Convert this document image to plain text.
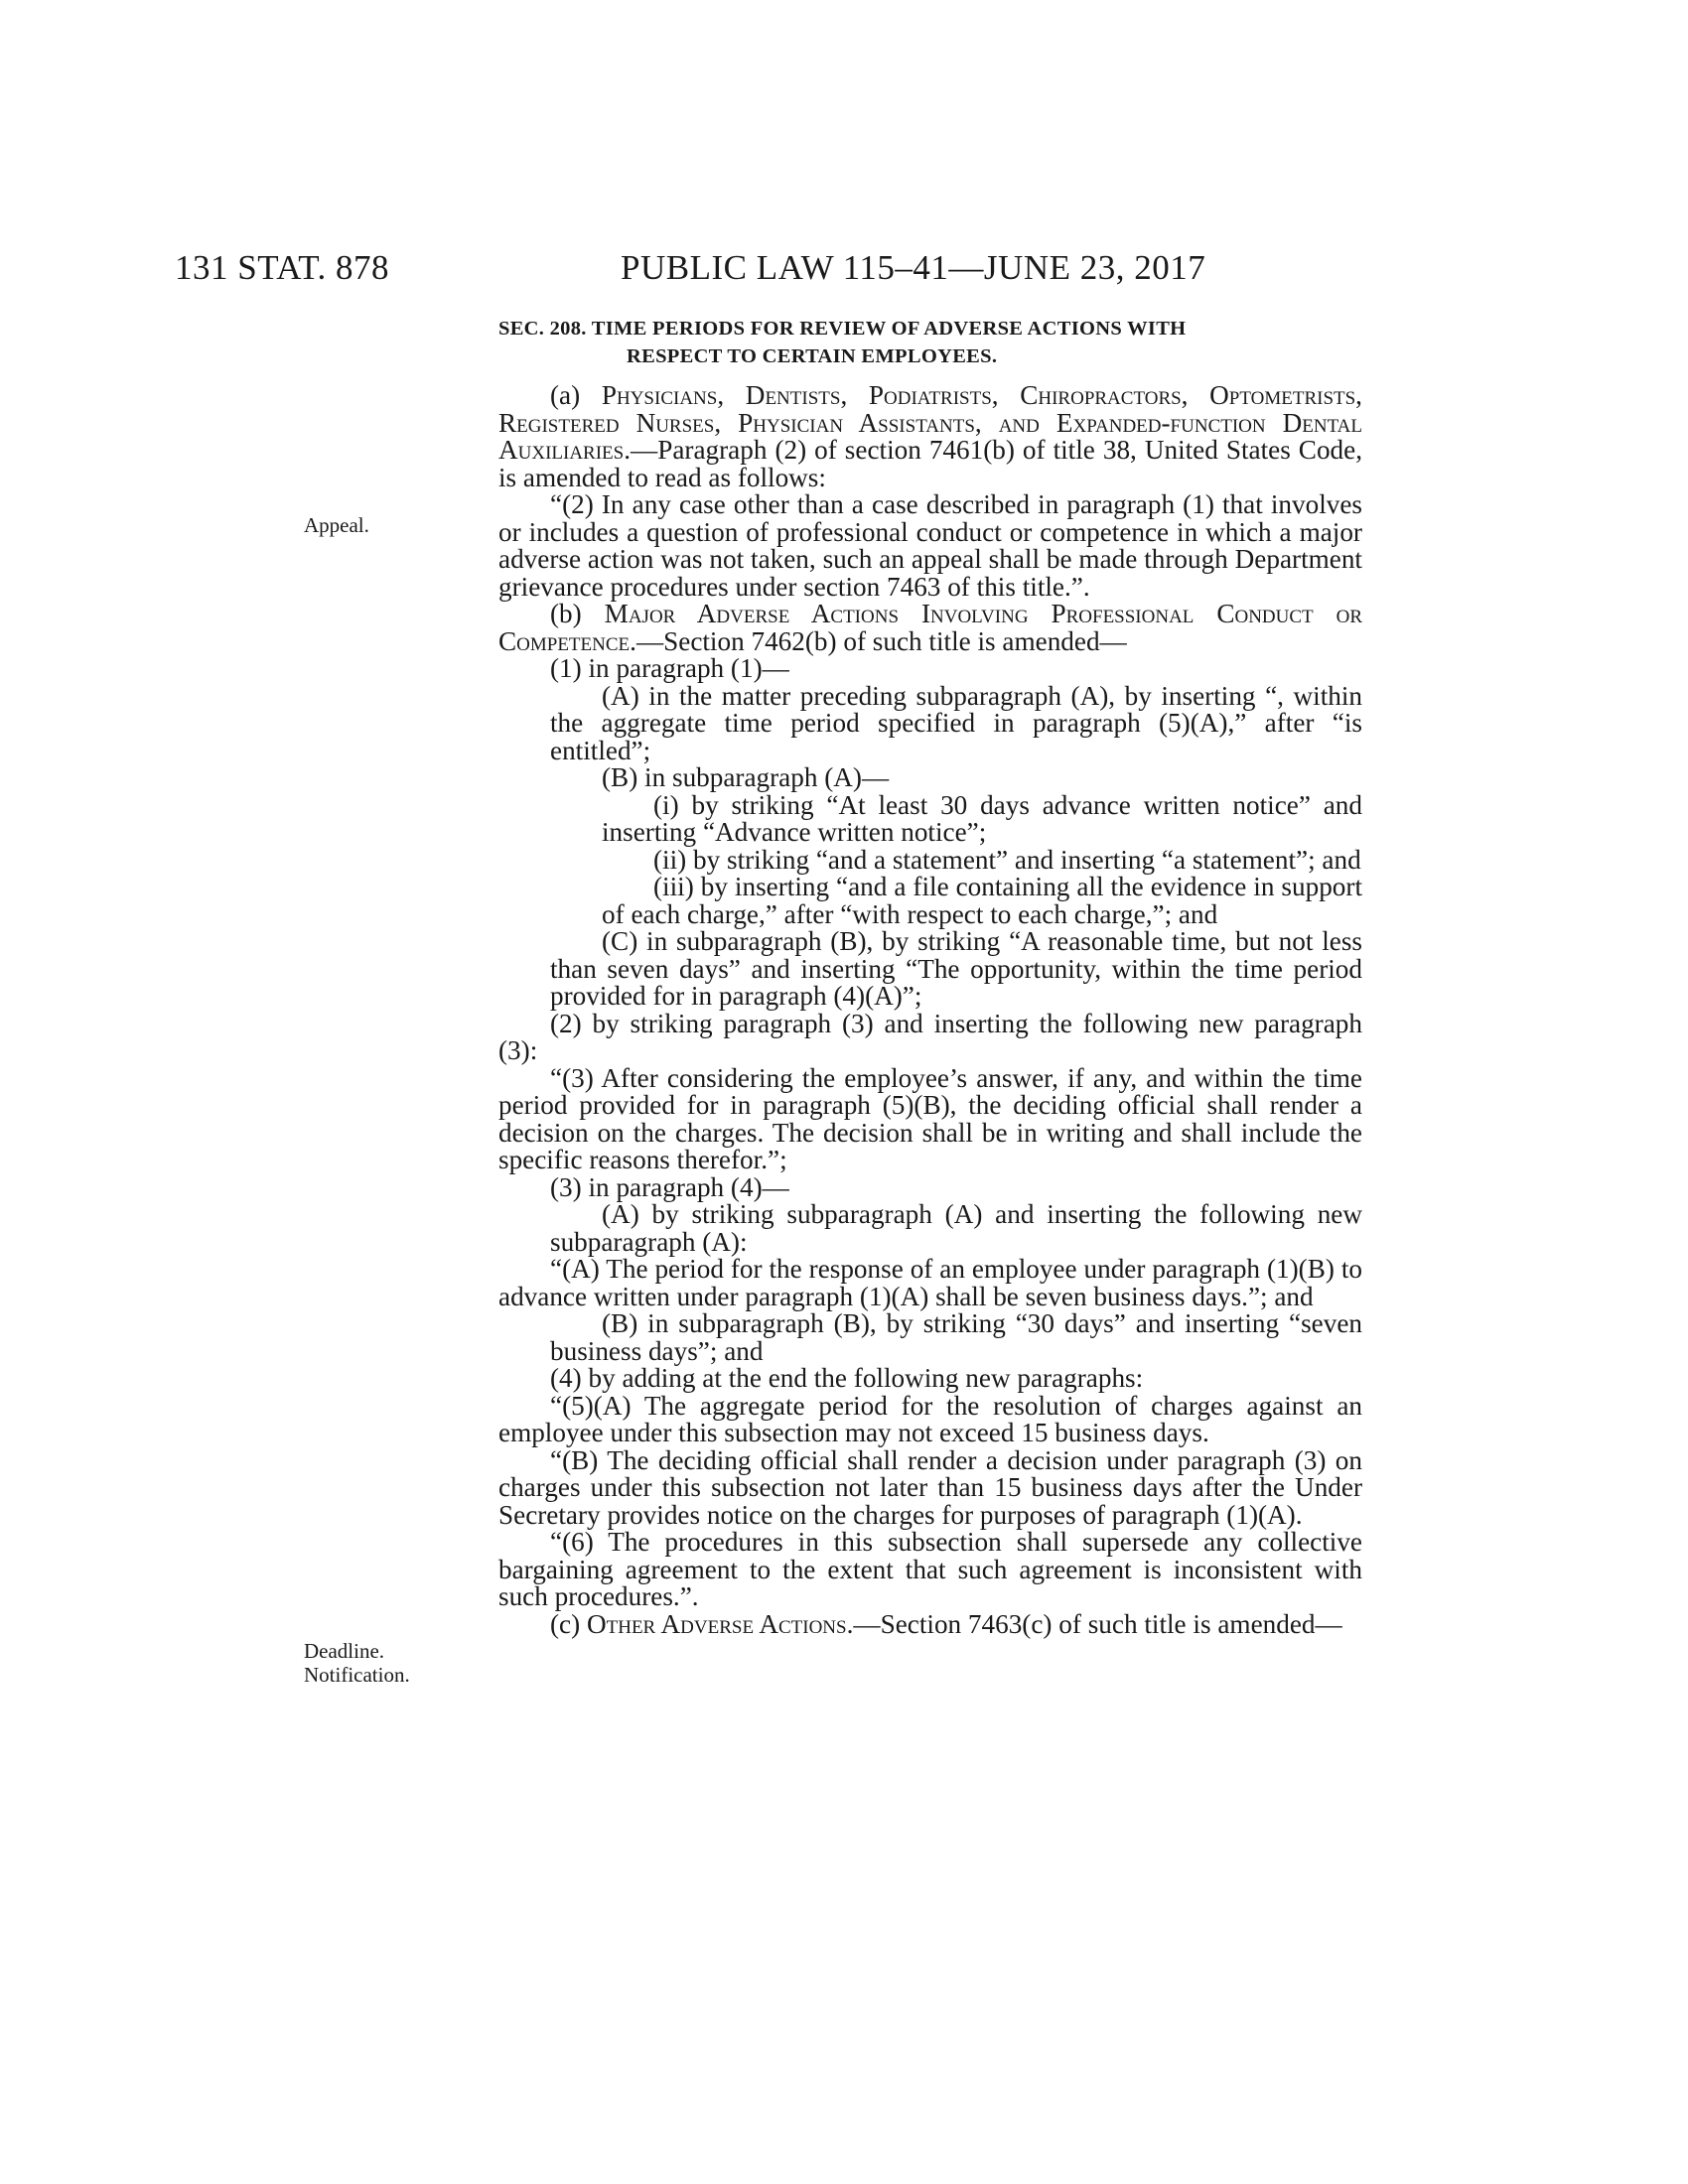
131 STAT. 878	PUBLIC LAW 115–41—JUNE 23, 2017
Appeal.
Deadline.
Notification.
SEC. 208. TIME PERIODS FOR REVIEW OF ADVERSE ACTIONS WITH
RESPECT TO CERTAIN EMPLOYEES.

(a) Physicians, Dentists, Podiatrists, Chiropractors, Optometrists, Registered Nurses, Physician Assistants, and Expanded-function Dental Auxiliaries.—Paragraph (2) of section 7461(b) of title 38, United States Code, is amended to read as follows:

“(2) In any case other than a case described in paragraph (1) that involves or includes a question of professional conduct or competence in which a major adverse action was not taken, such an appeal shall be made through Department grievance procedures under section 7463 of this title.”.

(b) Major Adverse Actions Involving Professional Conduct or Competence.—Section 7462(b) of such title is amended—

(1) in paragraph (1)—

(A) in the matter preceding subparagraph (A), by inserting “, within the aggregate time period specified in paragraph (5)(A),” after “is entitled”;

(B) in subparagraph (A)—

(i) by striking “At least 30 days advance written notice” and inserting “Advance written notice”;

(ii) by striking “and a statement” and inserting “a statement”; and

(iii) by inserting “and a file containing all the evidence in support of each charge,” after “with respect to each charge,”; and

(C) in subparagraph (B), by striking “A reasonable time, but not less than seven days” and inserting “The opportunity, within the time period provided for in paragraph (4)(A)”;

(2) by striking paragraph (3) and inserting the following new paragraph (3):

“(3) After considering the employee’s answer, if any, and within the time period provided for in paragraph (5)(B), the deciding official shall render a decision on the charges. The decision shall be in writing and shall include the specific reasons therefor.”;

(3) in paragraph (4)—

(A) by striking subparagraph (A) and inserting the following new subparagraph (A):

“(A) The period for the response of an employee under paragraph (1)(B) to advance written under paragraph (1)(A) shall be seven business days.”; and

(B) in subparagraph (B), by striking “30 days” and inserting “seven business days”; and

(4) by adding at the end the following new paragraphs:

“(5)(A) The aggregate period for the resolution of charges against an employee under this subsection may not exceed 15 business days.

“(B) The deciding official shall render a decision under paragraph (3) on charges under this subsection not later than 15 business days after the Under Secretary provides notice on the charges for purposes of paragraph (1)(A).

“(6) The procedures in this subsection shall supersede any collective bargaining agreement to the extent that such agreement is inconsistent with such procedures.”.

(c) Other Adverse Actions.—Section 7463(c) of such title is amended—
